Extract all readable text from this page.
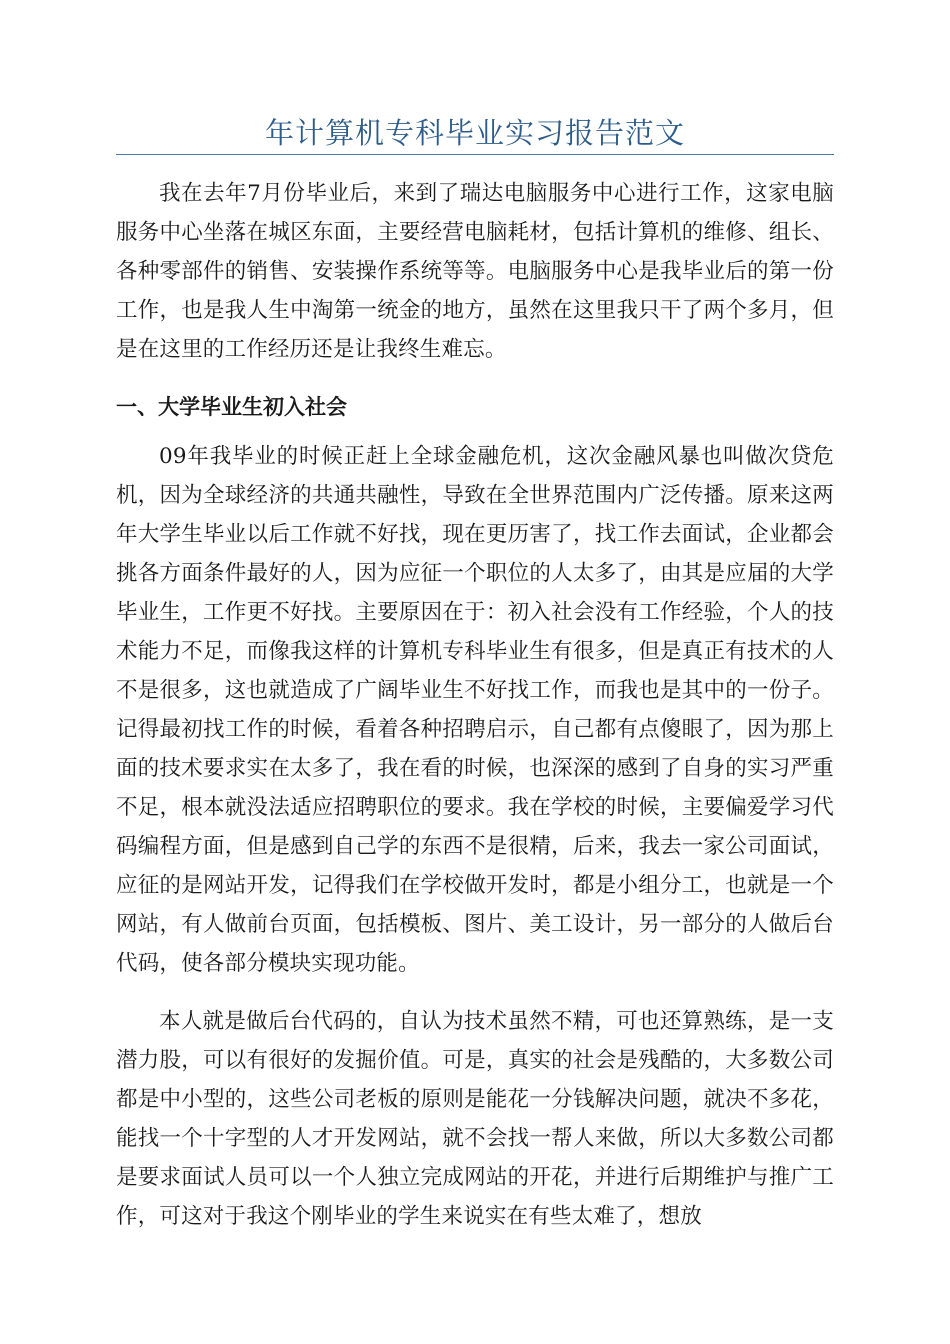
年计算机专科毕业实习报告范文

我在去年7月份毕业后，来到了瑞达电脑服务中心进行工作，这家电脑服务中心坐落在城区东面，主要经营电脑耗材，包括计算机的维修、组长、各种零部件的销售、安装操作系统等等。电脑服务中心是我毕业后的第一份工作，也是我人生中淘第一统金的地方，虽然在这里我只干了两个多月，但是在这里的工作经历还是让我终生难忘。

一、大学毕业生初入社会

09年我毕业的时候正赶上全球金融危机，这次金融风暴也叫做次贷危机，因为全球经济的共通共融性，导致在全世界范围内广泛传播。原来这两年大学生毕业以后工作就不好找，现在更历害了，找工作去面试，企业都会挑各方面条件最好的人，因为应征一个职位的人太多了，由其是应届的大学毕业生，工作更不好找。主要原因在于：初入社会没有工作经验，个人的技术能力不足，而像我这样的计算机专科毕业生有很多，但是真正有技术的人不是很多，这也就造成了广阔毕业生不好找工作，而我也是其中的一份子。记得最初找工作的时候，看着各种招聘启示，自己都有点傻眼了，因为那上面的技术要求实在太多了，我在看的时候，也深深的感到了自身的实习严重不足，根本就没法适应招聘职位的要求。我在学校的时候，主要偏爱学习代码编程方面，但是感到自己学的东西不是很精，后来，我去一家公司面试，应征的是网站开发，记得我们在学校做开发时，都是小组分工，也就是一个网站，有人做前台页面，包括模板、图片、美工设计，另一部分的人做后台代码，使各部分模块实现功能。

本人就是做后台代码的，自认为技术虽然不精，可也还算熟练，是一支潜力股，可以有很好的发掘价值。可是，真实的社会是残酷的，大多数公司都是中小型的，这些公司老板的原则是能花一分钱解决问题，就决不多花，能找一个十字型的人才开发网站，就不会找一帮人来做，所以大多数公司都是要求面试人员可以一个人独立完成网站的开花，并进行后期维护与推广工作，可这对于我这个刚毕业的学生来说实在有些太难了，想放
